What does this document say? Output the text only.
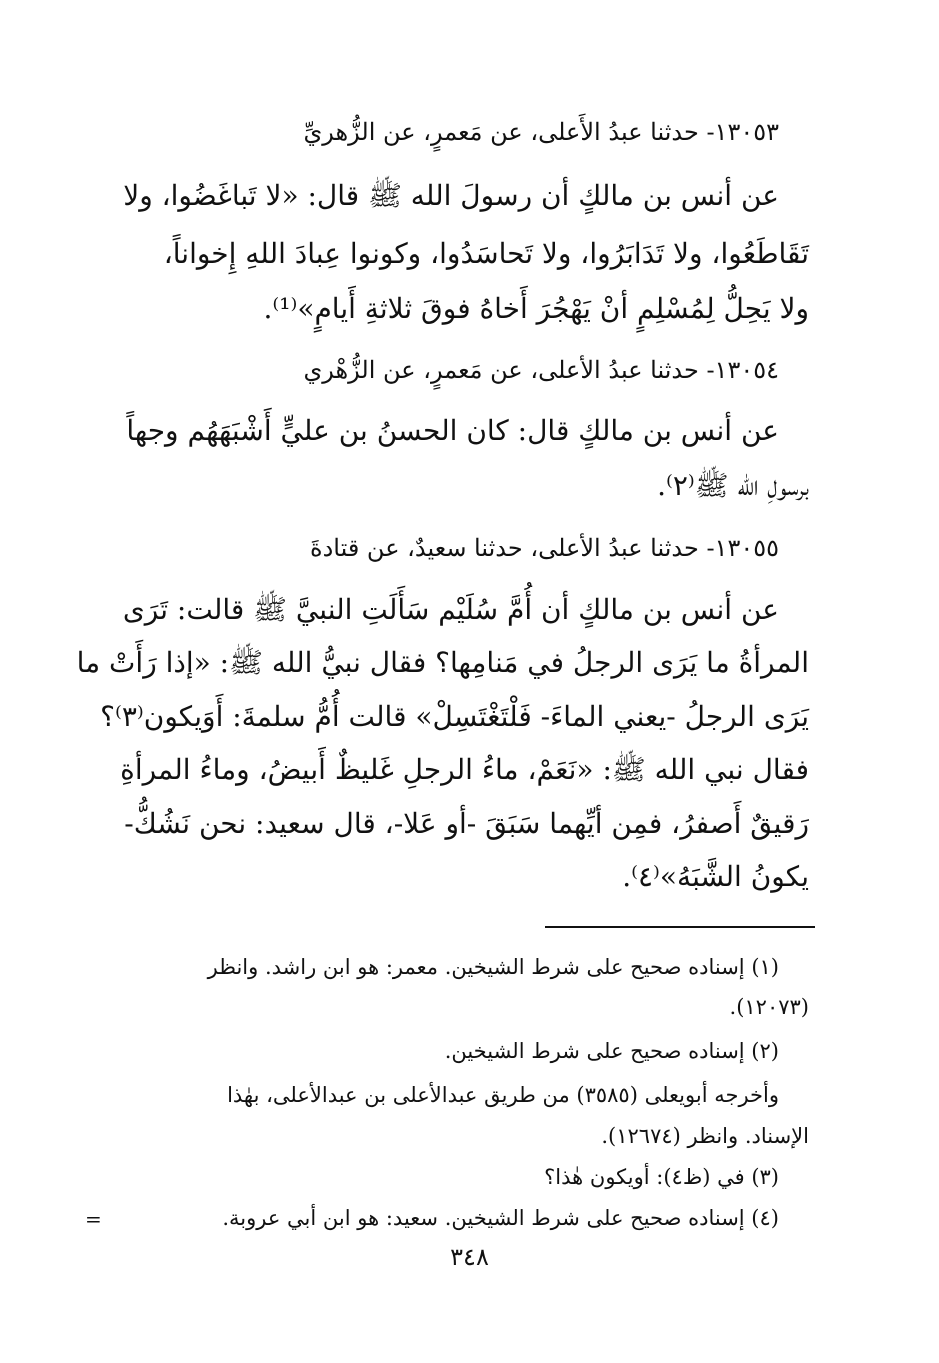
١٣٠٥٣- حدثنا عبدُ الأَعلى، عن مَعمرٍ، عن الزُّهريِّ
عن أنس بن مالكٍ أن رسولَ الله ﷺ قال: «لا تَباغَضُوا، ولا
تَقَاطَعُوا، ولا تَدَابَرُوا، ولا تَحاسَدُوا، وكونوا عِبادَ اللهِ إِخواناً،
ولا يَحِلُّ لِمُسْلِمٍ أنْ يَهْجُرَ أَخاهُ فوقَ ثلاثةِ أَيامٍ»⁽¹⁾.
١٣٠٥٤- حدثنا عبدُ الأعلى، عن مَعمرٍ، عن الزُّهْري
عن أنس بن مالكٍ قال: كان الحسنُ بن عليٍّ أَشْبَهَهُم وجهاً
برسولِ الله ﷺ⁽٢⁾.
١٣٠٥٥- حدثنا عبدُ الأعلى، حدثنا سعيدٌ، عن قتادةَ
عن أنس بن مالكٍ أن أُمَّ سُلَيْم سَأَلَتِ النبيَّ ﷺ قالت: تَرَى
المرأةُ ما يَرَى الرجلُ في مَنامِها؟ فقال نبيُّ الله ﷺ: «إذا رَأَتْ ما
يَرَى الرجلُ -يعني الماءَ- فَلْتَغْتَسِلْ» قالت أُمُّ سلمةَ: أَوَيكون⁽٣⁾؟
فقال نبي الله ﷺ: «نَعَمْ، ماءُ الرجلِ غَليظٌ أَبيضُ، وماءُ المرأةِ
رَقيقٌ أَصفرُ، فمِن أيِّهما سَبَقَ -أو عَلا-، قال سعيد: نحن نَشُكُّ-
يكونُ الشَّبَهُ»⁽٤⁾.
(١) إسناده صحيح على شرط الشيخين. معمر: هو ابن راشد. وانظر
(١٢٠٧٣).
(٢) إسناده صحيح على شرط الشيخين.
وأخرجه أبويعلى (٣٥٨٥) من طريق عبدالأعلى بن عبدالأعلى، بهٰذا
الإسناد. وانظر (١٢٦٧٤).
(٣) في (ظ٤): أويكون هٰذا؟
(٤) إسناده صحيح على شرط الشيخين. سعيد: هو ابن أبي عروبة.
=
٣٤٨
